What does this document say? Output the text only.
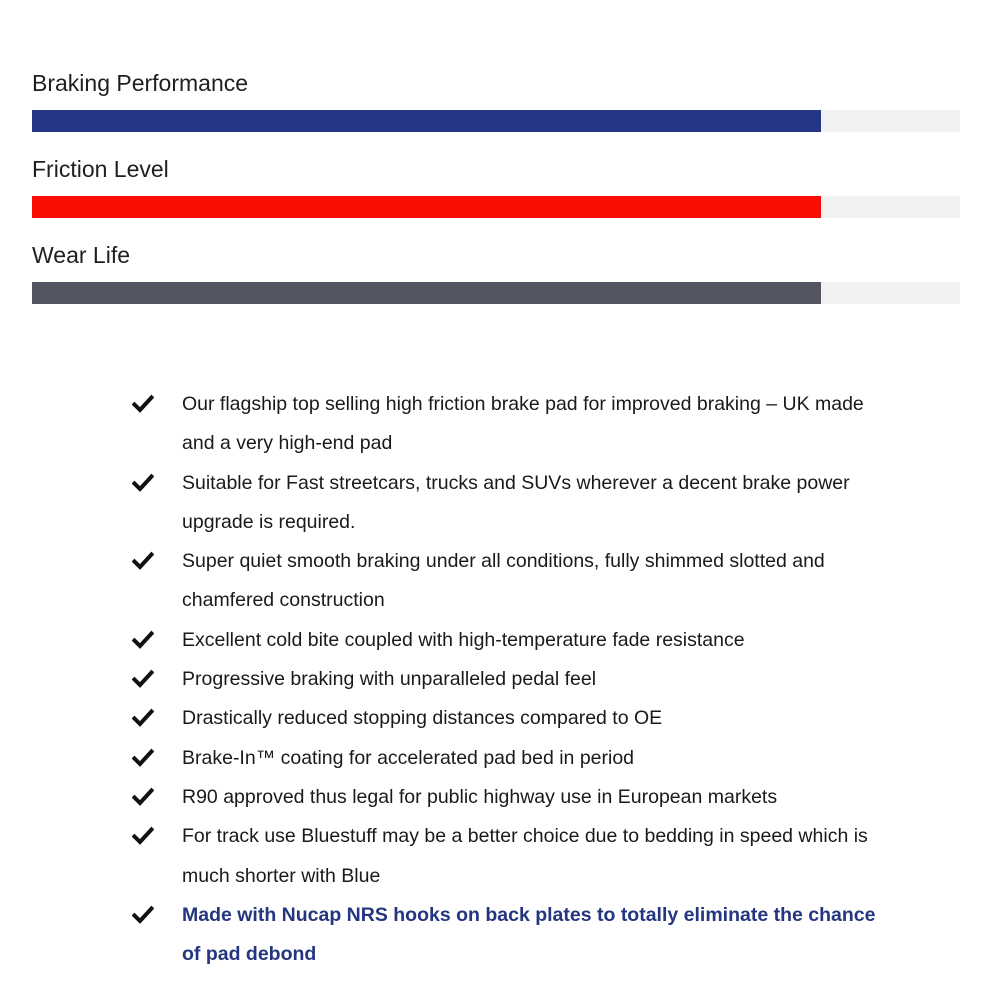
Braking Performance
Friction Level
Wear Life
Our flagship top selling high friction brake pad for improved braking – UK made and a very high-end pad
Suitable for Fast streetcars, trucks and SUVs wherever a decent brake power upgrade is required.
Super quiet smooth braking under all conditions, fully shimmed slotted and chamfered construction
Excellent cold bite coupled with high-temperature fade resistance
Progressive braking with unparalleled pedal feel
Drastically reduced stopping distances compared to OE
Brake-In™ coating for accelerated pad bed in period
R90 approved thus legal for public highway use in European markets
For track use Bluestuff may be a better choice due to bedding in speed which is much shorter with Blue
Made with Nucap NRS hooks on back plates to totally eliminate the chance of pad debond
